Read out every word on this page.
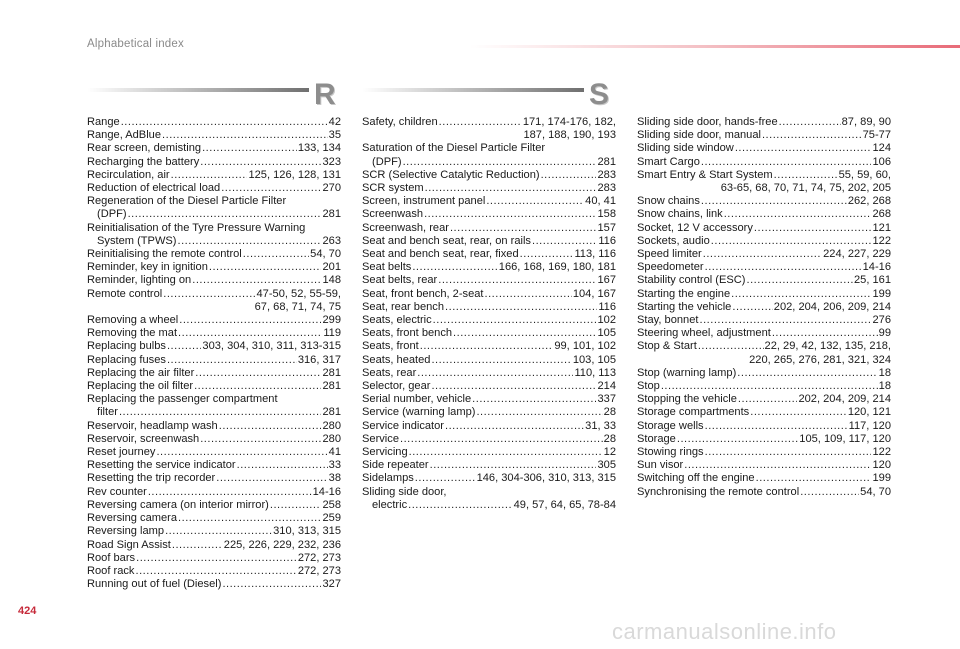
Alphabetical index
R	S
Range .....	42
Range, AdBlue .....	35
Rear screen, demisting .....	133, 134
Recharging the battery .....	323
Recirculation, air .....	125, 126, 128, 131
Reduction of electrical load .....	270
Regeneration of the Diesel Particle Filter
(DPF) .....	281
Reinitialisation of the Tyre Pressure Warning
System (TPWS) .....	263
Reinitialising the remote control .....	54, 70
Reminder, key in ignition .....	201
Reminder, lighting on .....	148
Remote control .....	47-50, 52, 55-59,
67, 68, 71, 74, 75
Removing a wheel .....	299
Removing the mat .....	119
Replacing bulbs .....	303, 304, 310, 311, 313-315
Replacing fuses .....	316, 317
Replacing the air filter .....	281
Replacing the oil filter .....	281
Replacing the passenger compartment
filter .....	281
Reservoir, headlamp wash .....	280
Reservoir, screenwash .....	280
Reset journey .....	41
Resetting the service indicator .....	33
Resetting the trip recorder .....	38
Rev counter .....	14-16
Reversing camera (on interior mirror) .....	258
Reversing camera .....	259
Reversing lamp .....	310, 313, 315
Road Sign Assist .....	225, 226, 229, 232, 236
Roof bars .....	272, 273
Roof rack .....	272, 273
Running out of fuel (Diesel) .....	327
Safety, children .....	171, 174-176, 182,
187, 188, 190, 193
Saturation of the Diesel Particle Filter
(DPF) .....	281
SCR (Selective Catalytic Reduction) .....	283
SCR system .....	283
Screen, instrument panel .....	40, 41
Screenwash .....	158
Screenwash, rear .....	157
Seat and bench seat, rear, on rails .....	116
Seat and bench seat, rear, fixed .....	113, 116
Seat belts .....	166, 168, 169, 180, 181
Seat belts, rear .....	167
Seat, front bench, 2-seat .....	104, 167
Seat, rear bench .....	116
Seats, electric .....	102
Seats, front bench .....	105
Seats, front .....	99, 101, 102
Seats, heated .....	103, 105
Seats, rear .....	110, 113
Selector, gear .....	214
Serial number, vehicle .....	337
Service (warning lamp) .....	28
Service indicator .....	31, 33
Service .....	28
Servicing .....	12
Side repeater .....	305
Sidelamps .....	146, 304-306, 310, 313, 315
Sliding side door,
electric .....	49, 57, 64, 65, 78-84
Sliding side door, hands-free .....	87, 89, 90
Sliding side door, manual .....	75-77
Sliding side window .....	124
Smart Cargo .....	106
Smart Entry & Start System .....	55, 59, 60,
63-65, 68, 70, 71, 74, 75, 202, 205
Snow chains .....	262, 268
Snow chains, link .....	268
Socket, 12 V accessory .....	121
Sockets, audio .....	122
Speed limiter .....	224, 227, 229
Speedometer .....	14-16
Stability control (ESC) .....	25, 161
Starting the engine .....	199
Starting the vehicle .....	202, 204, 206, 209, 214
Stay, bonnet .....	276
Steering wheel, adjustment .....	99
Stop & Start .....	22, 29, 42, 132, 135, 218,
220, 265, 276, 281, 321, 324
Stop (warning lamp) .....	18
Stop .....	18
Stopping the vehicle .....	202, 204, 209, 214
Storage compartments .....	120, 121
Storage wells .....	117, 120
Storage .....	105, 109, 117, 120
Stowing rings .....	122
Sun visor .....	120
Switching off the engine .....	199
Synchronising the remote control .....	54, 70
424
carmanualsonline.info
